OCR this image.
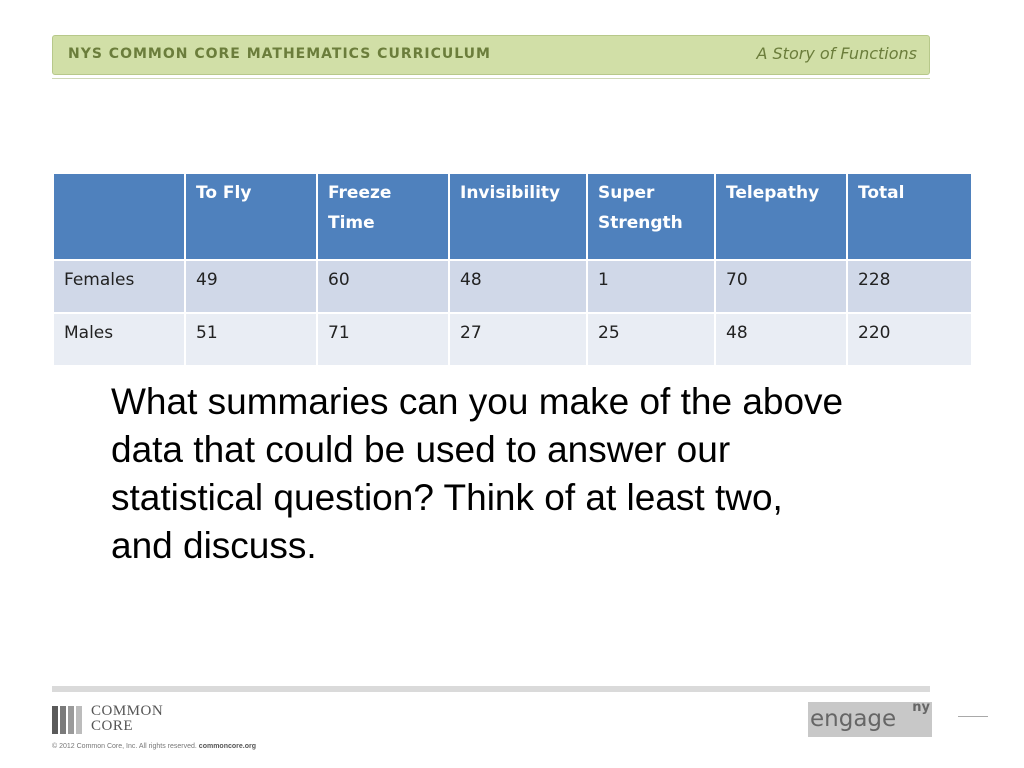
NYS COMMON CORE MATHEMATICS CURRICULUM	A Story of Functions
	To Fly	Freeze Time	Invisibility	Super Strength	Telepathy	Total
Females	49	60	48	1	70	228
Males	51	71	27	25	48	220
What summaries can you make of the above data that could be used to answer our statistical question? Think of at least two, and discuss.
COMMON
CORE
© 2012 Common Core, Inc. All rights reserved. commoncore.org
engage ny
